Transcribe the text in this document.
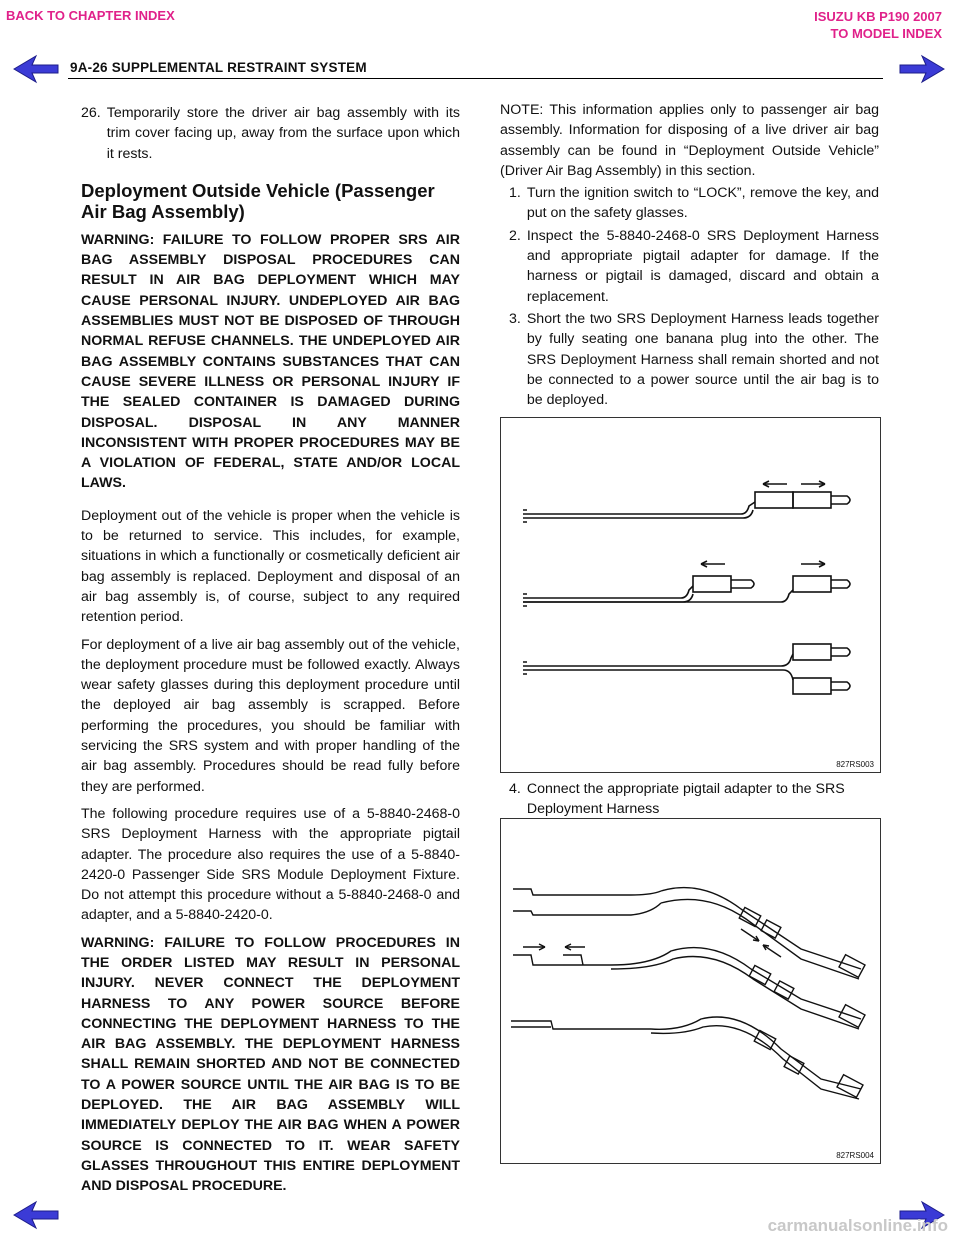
BACK TO CHAPTER INDEX	ISUZU KB P190 2007
TO MODEL INDEX
9A-26 SUPPLEMENTAL RESTRAINT SYSTEM
26. Temporarily store the driver air bag assembly with its trim cover facing up, away from the surface upon which it rests.
Deployment Outside Vehicle (Passenger Air Bag Assembly)
WARNING: FAILURE TO FOLLOW PROPER SRS AIR BAG ASSEMBLY DISPOSAL PROCEDURES CAN RESULT IN AIR BAG DEPLOYMENT WHICH MAY CAUSE PERSONAL INJURY. UNDEPLOYED AIR BAG ASSEMBLIES MUST NOT BE DISPOSED OF THROUGH NORMAL REFUSE CHANNELS. THE UNDEPLOYED AIR BAG ASSEMBLY CONTAINS SUBSTANCES THAT CAN CAUSE SEVERE ILLNESS OR PERSONAL INJURY IF THE SEALED CONTAINER IS DAMAGED DURING DISPOSAL. DISPOSAL IN ANY MANNER INCONSISTENT WITH PROPER PROCEDURES MAY BE A VIOLATION OF FEDERAL, STATE AND/OR LOCAL LAWS.

Deployment out of the vehicle is proper when the vehicle is to be returned to service. This includes, for example, situations in which a functionally or cosmetically deficient air bag assembly is replaced. Deployment and disposal of an air bag assembly is, of course, subject to any required retention period.

For deployment of a live air bag assembly out of the vehicle, the deployment procedure must be followed exactly. Always wear safety glasses during this deployment procedure until the deployed air bag assembly is scrapped. Before performing the procedures, you should be familiar with servicing the SRS system and with proper handling of the air bag assembly. Procedures should be read fully before they are performed.

The following procedure requires use of a 5-8840-2468-0 SRS Deployment Harness with the appropriate pigtail adapter. The procedure also requires the use of a 5-8840-2420-0 Passenger Side SRS Module Deployment Fixture. Do not attempt this procedure without a 5-8840-2468-0 and adapter, and a 5-8840-2420-0.

WARNING: FAILURE TO FOLLOW PROCEDURES IN THE ORDER LISTED MAY RESULT IN PERSONAL INJURY. NEVER CONNECT THE DEPLOYMENT HARNESS TO ANY POWER SOURCE BEFORE CONNECTING THE DEPLOYMENT HARNESS TO THE AIR BAG ASSEMBLY. THE DEPLOYMENT HARNESS SHALL REMAIN SHORTED AND NOT BE CONNECTED TO A POWER SOURCE UNTIL THE AIR BAG IS TO BE DEPLOYED. THE AIR BAG ASSEMBLY WILL IMMEDIATELY DEPLOY THE AIR BAG WHEN A POWER SOURCE IS CONNECTED TO IT. WEAR SAFETY GLASSES THROUGHOUT THIS ENTIRE DEPLOYMENT AND DISPOSAL PROCEDURE.

NOTE: This information applies only to passenger air bag assembly. Information for disposing of a live driver air bag assembly can be found in “Deployment Outside Vehicle” (Driver Air Bag Assembly) in this section.

1. Turn the ignition switch to “LOCK”, remove the key, and put on the safety glasses.
2. Inspect the 5-8840-2468-0 SRS Deployment Harness and appropriate pigtail adapter for damage. If the harness or pigtail is damaged, discard and obtain a replacement.
3. Short the two SRS Deployment Harness leads together by fully seating one banana plug into the other. The SRS Deployment Harness shall remain shorted and not be connected to a power source until the air bag is to be deployed.
827RS003
4. Connect the appropriate pigtail adapter to the SRS Deployment Harness
827RS004
carmanualsonline.info
